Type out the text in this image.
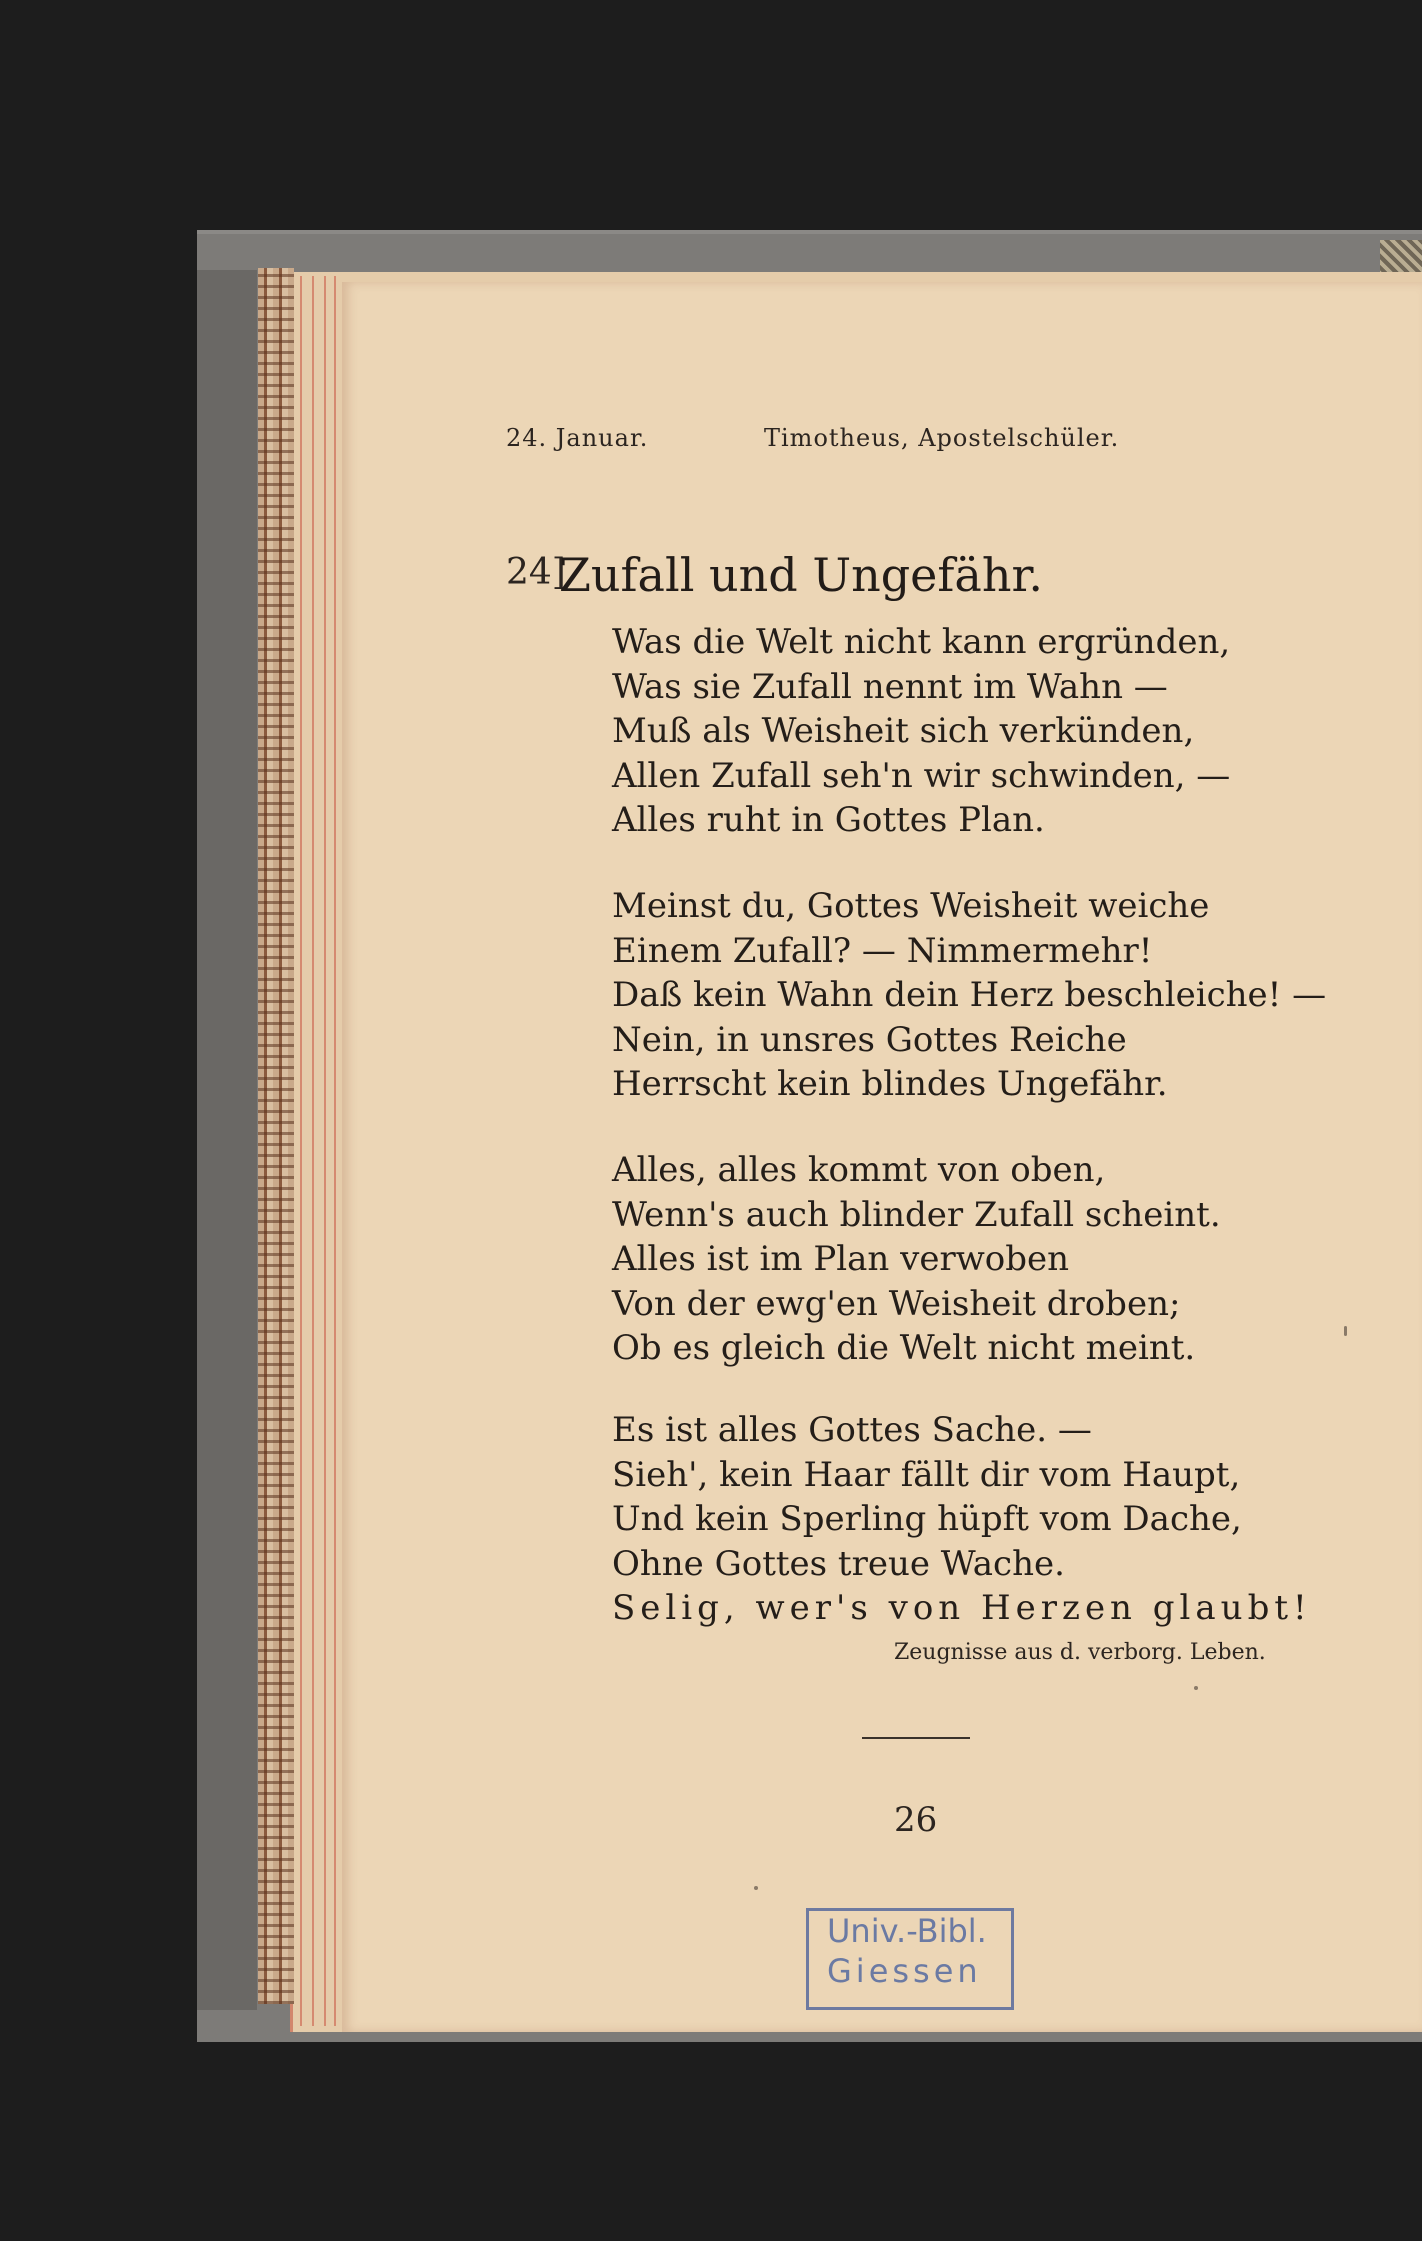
24. Januar.	Timotheus, Apostelschüler.
24]
Zufall und Ungefähr.
Was die Welt nicht kann ergründen,
Was sie Zufall nennt im Wahn —
Muß als Weisheit sich verkünden,
Allen Zufall seh'n wir schwinden, —
Alles ruht in Gottes Plan.
Meinst du, Gottes Weisheit weiche
Einem Zufall? — Nimmermehr!
Daß kein Wahn dein Herz beschleiche! —
Nein, in unsres Gottes Reiche
Herrscht kein blindes Ungefähr.
Alles, alles kommt von oben,
Wenn's auch blinder Zufall scheint.
Alles ist im Plan verwoben
Von der ewg'en Weisheit droben;
Ob es gleich die Welt nicht meint.
Es ist alles Gottes Sache. —
Sieh', kein Haar fällt dir vom Haupt,
Und kein Sperling hüpft vom Dache,
Ohne Gottes treue Wache.
Selig, wer's von Herzen glaubt!
Zeugnisse aus d. verborg. Leben.
26
Univ.-Bibl.
Giessen
